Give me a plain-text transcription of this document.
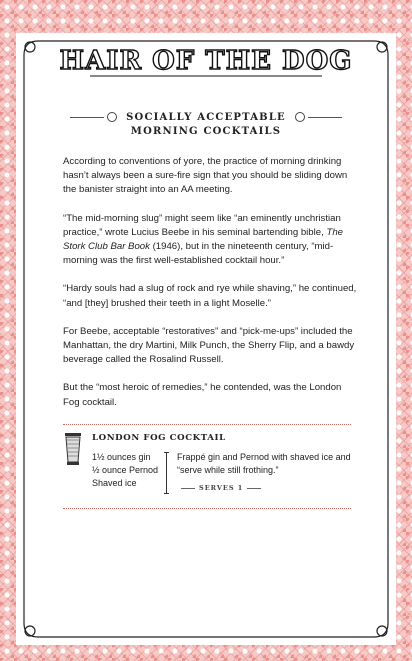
HAIR OF THE DOG
SOCIALLY ACCEPTABLE
MORNING COCKTAILS

According to conventions of yore, the practice of morning drinking hasn’t always been a sure-fire sign that you should be sliding down the banister straight into an AA meeting.

“The mid-morning slug” might seem like “an eminently unchristian practice,” wrote Lucius Beebe in his seminal bartending bible, The Stork Club Bar Book (1946), but in the nineteenth century, “mid-morning was the first well-established cocktail hour.”

“Hardy souls had a slug of rock and rye while shaving,” he continued, “and [they] brushed their teeth in a light Moselle.”

For Beebe, acceptable “restoratives” and “pick-me-ups” included the Manhattan, the dry Martini, Milk Punch, the Sherry Flip, and a bawdy beverage called the Rosalind Russell.

But the “most heroic of remedies,” he contended, was the London Fog cocktail.

LONDON FOG COCKTAIL
1½ ounces gin
½ ounce Pernod
Shaved ice
Frappé gin and Pernod with shaved ice and “serve while still frothing.”
SERVES 1
